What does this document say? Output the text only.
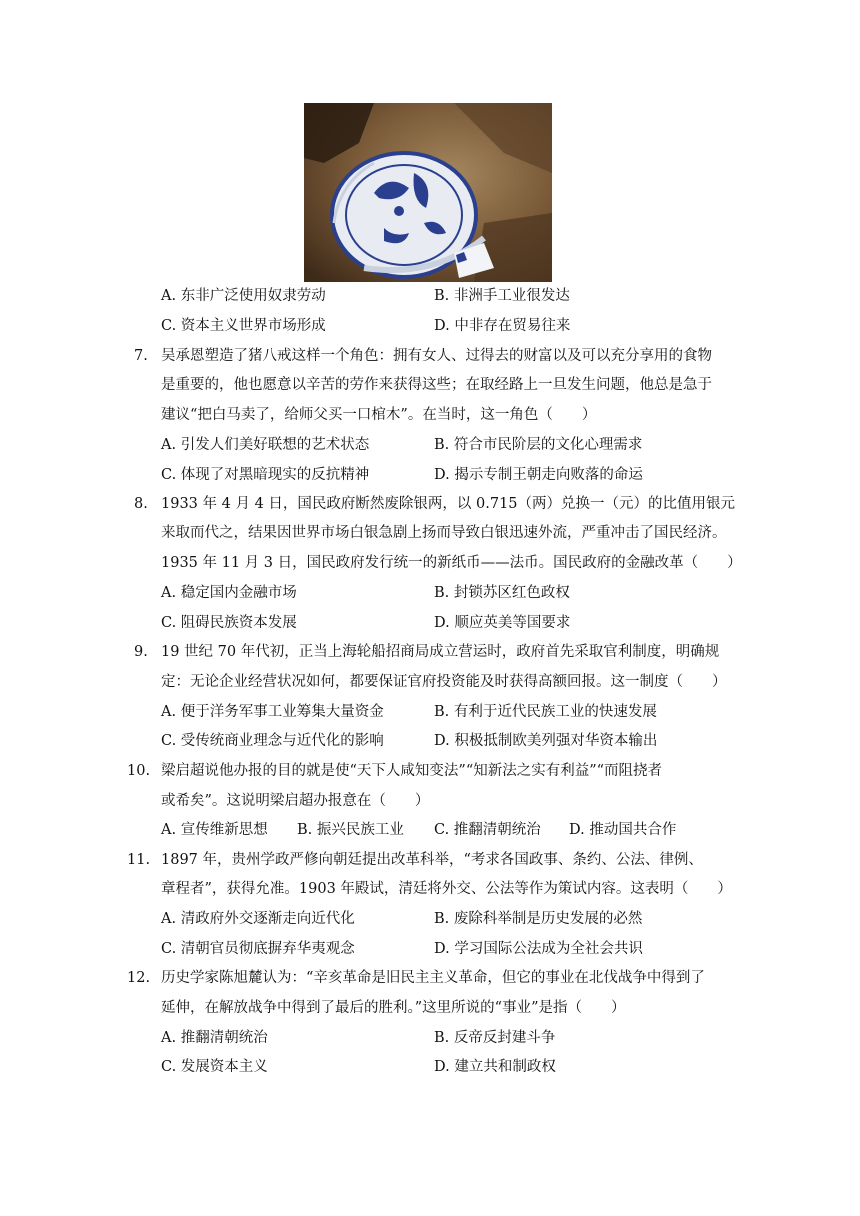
A. 东非广泛使用奴隶劳动	B. 非洲手工业很发达
C. 资本主义世界市场形成	D. 中非存在贸易往来
7. 吴承恩塑造了猪八戒这样一个角色：拥有女人、过得去的财富以及可以充分享用的食物
是重要的，他也愿意以辛苦的劳作来获得这些；在取经路上一旦发生问题，他总是急于
建议“把白马卖了，给师父买一口棺木”。在当时，这一角色（　　）
A. 引发人们美好联想的艺术状态	B. 符合市民阶层的文化心理需求
C. 体现了对黑暗现实的反抗精神	D. 揭示专制王朝走向败落的命运
8. 1933 年 4 月 4 日，国民政府断然废除银两，以 0.715（两）兑换一（元）的比值用银元
来取而代之，结果因世界市场白银急剧上扬而导致白银迅速外流，严重冲击了国民经济。
1935 年 11 月 3 日，国民政府发行统一的新纸币——法币。国民政府的金融改革（　　）
A. 稳定国内金融市场	B. 封锁苏区红色政权
C. 阻碍民族资本发展	D. 顺应英美等国要求
9. 19 世纪 70 年代初，正当上海轮船招商局成立营运时，政府首先采取官利制度，明确规
定：无论企业经营状况如何，都要保证官府投资能及时获得高额回报。这一制度（　　）
A. 便于洋务军事工业筹集大量资金	B. 有利于近代民族工业的快速发展
C. 受传统商业理念与近代化的影响	D. 积极抵制欧美列强对华资本输出
10. 梁启超说他办报的目的就是使“天下人咸知变法”“知新法之实有利益”“而阻挠者
或希矣”。这说明梁启超办报意在（　　）
A. 宣传维新思想 B. 振兴民族工业 C. 推翻清朝统治 D. 推动国共合作
11. 1897 年，贵州学政严修向朝廷提出改革科举，“考求各国政事、条约、公法、律例、
章程者”，获得允准。1903 年殿试，清廷将外交、公法等作为策试内容。这表明（　　）
A. 清政府外交逐渐走向近代化	B. 废除科举制是历史发展的必然
C. 清朝官员彻底摒弃华夷观念	D. 学习国际公法成为全社会共识
12. 历史学家陈旭麓认为：“辛亥革命是旧民主主义革命，但它的事业在北伐战争中得到了
延伸，在解放战争中得到了最后的胜利。”这里所说的“事业”是指（　　）
A. 推翻清朝统治	B. 反帝反封建斗争
C. 发展资本主义	D. 建立共和制政权
